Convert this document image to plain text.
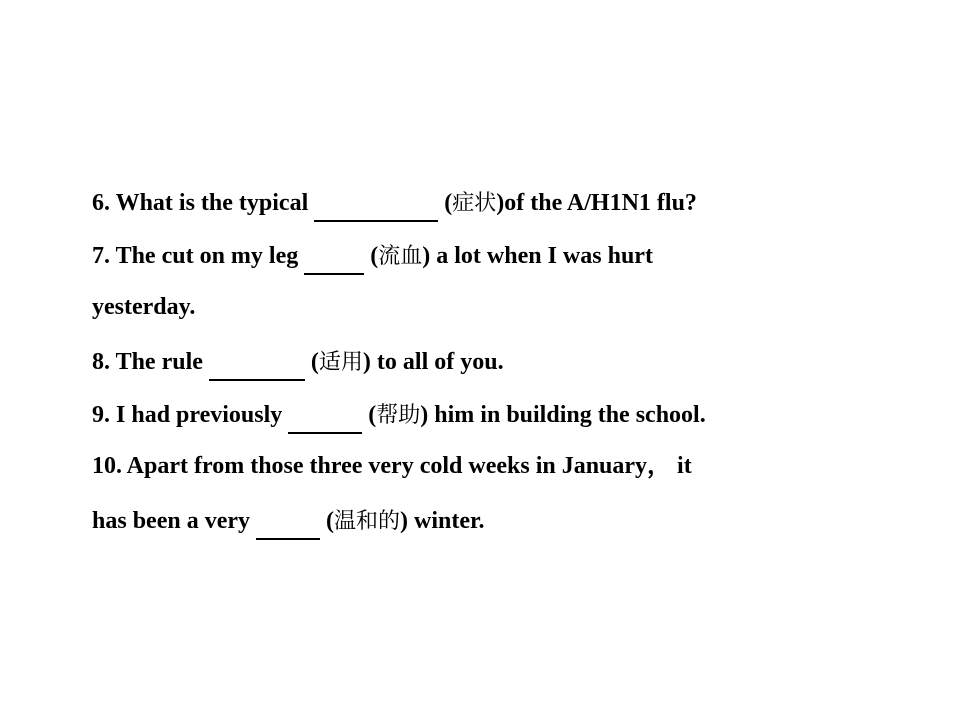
6. What is the typical	(症状)of the A/H1N1 flu?
7. The cut on my leg	(流血) a lot when I was hurt
yesterday.
8. The rule	(适用) to all of you.
9. I had previously	(帮助) him in building the school.
10. Apart from those three very cold weeks in January， it
has been a very	(温和的) winter.
